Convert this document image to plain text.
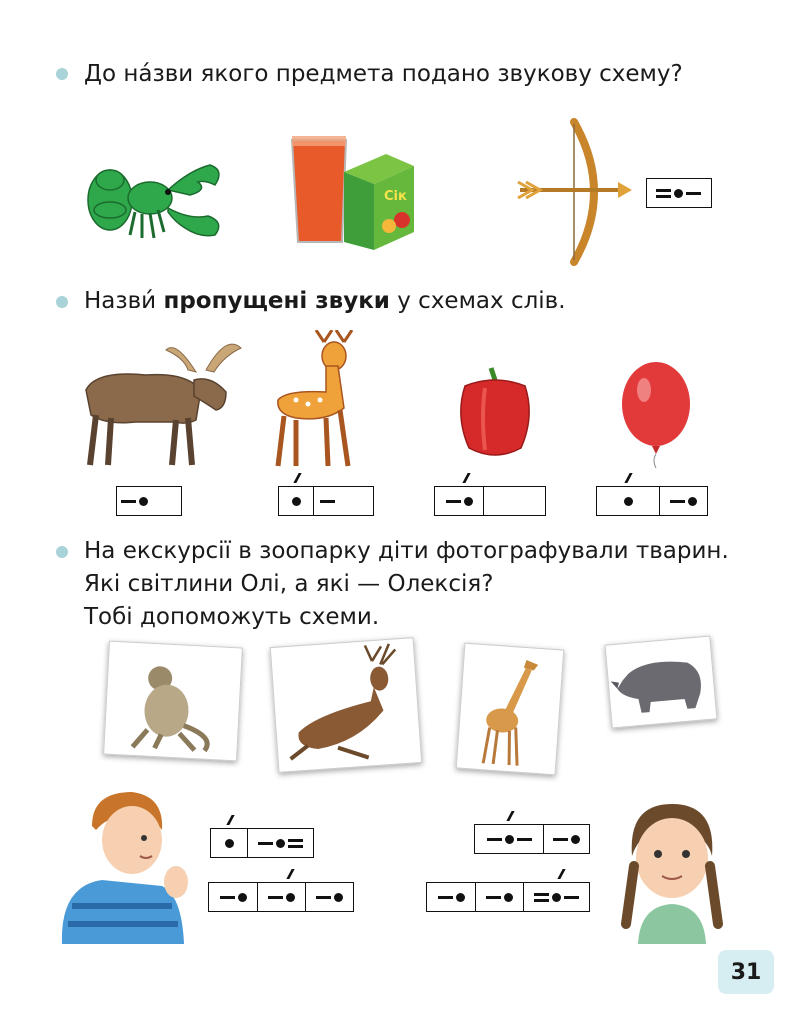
До назви якого предмета подано звукову схему?
Сік
Назви пропущені звуки у схемах слів.
На екскурсії в зоопарку діти фотографували тварин.
Які світлини Олі, а які — Олексія?
Тобі допоможуть схеми.
31
